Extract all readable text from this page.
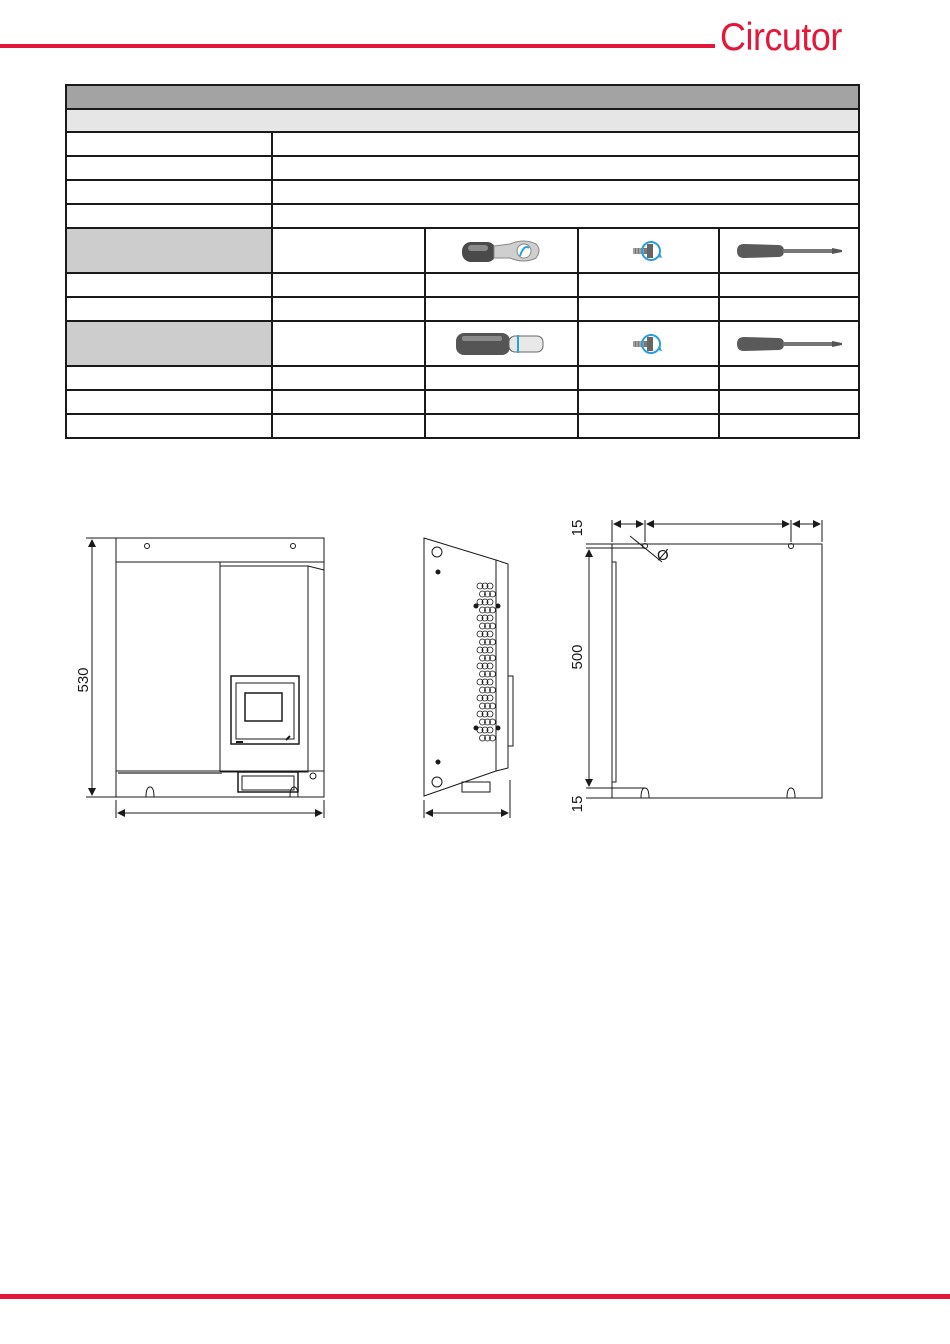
Circutor

530
15
Ø
500
15
